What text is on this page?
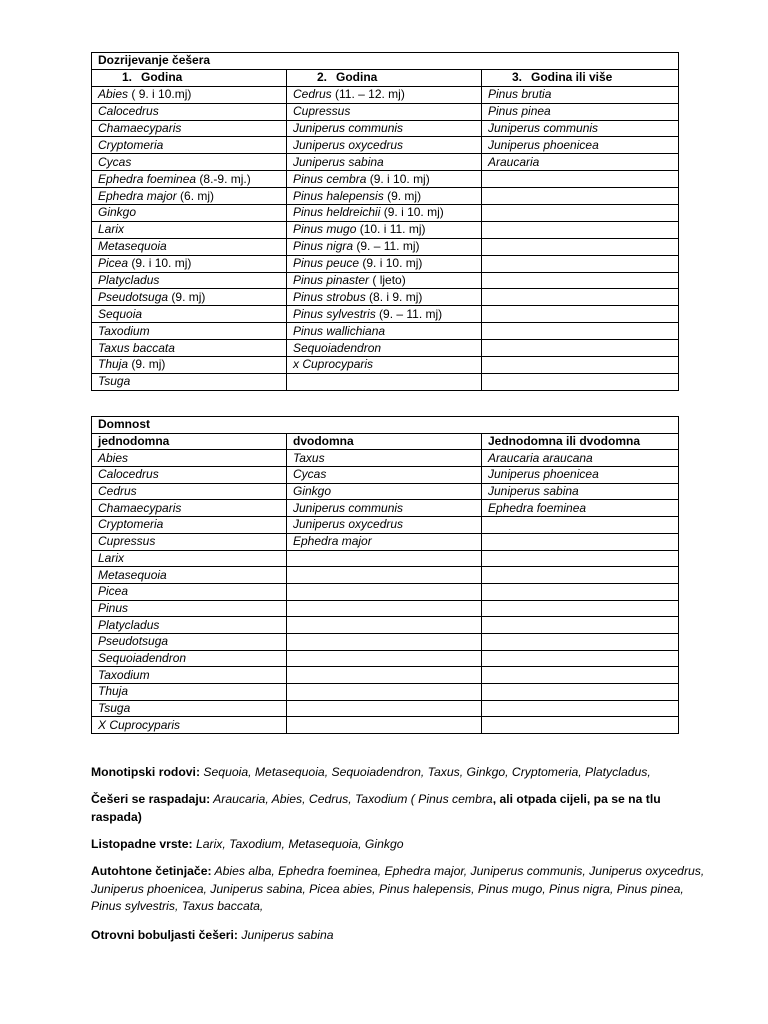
Dozrijevanje češera		
1. Godina	2. Godina	3. Godina ili više
Abies ( 9. i 10.mj)	Cedrus (11. – 12. mj)	Pinus brutia
Calocedrus	Cupressus	Pinus pinea
Chamaecyparis	Juniperus communis	Juniperus communis
Cryptomeria	Juniperus oxycedrus	Juniperus phoenicea
Cycas	Juniperus sabina	Araucaria
Ephedra foeminea (8.-9. mj.)	Pinus cembra (9. i 10. mj)	
Ephedra major (6. mj)	Pinus halepensis (9. mj)	
Ginkgo	Pinus heldreichii (9. i 10. mj)	
Larix	Pinus mugo (10. i 11. mj)	
Metasequoia	Pinus nigra (9. – 11. mj)	
Picea (9. i 10. mj)	Pinus peuce (9. i 10. mj)	
Platycladus	Pinus pinaster ( ljeto)	
Pseudotsuga (9. mj)	Pinus strobus (8. i 9. mj)	
Sequoia	Pinus sylvestris (9. – 11. mj)	
Taxodium	Pinus wallichiana	
Taxus baccata	Sequoiadendron	
Thuja (9. mj)	x Cuprocyparis	
Tsuga		
Domnost		
jednodomna	dvodomna	Jednodomna ili dvodomna
Abies	Taxus	Araucaria araucana
Calocedrus	Cycas	Juniperus phoenicea
Cedrus	Ginkgo	Juniperus sabina
Chamaecyparis	Juniperus communis	Ephedra foeminea
Cryptomeria	Juniperus oxycedrus	
Cupressus	Ephedra major	
Larix		
Metasequoia		
Picea		
Pinus		
Platycladus		
Pseudotsuga		
Sequoiadendron		
Taxodium		
Thuja		
Tsuga		
X Cuprocyparis		

Monotipski rodovi: Sequoia, Metasequoia, Sequoiadendron, Taxus, Ginkgo, Cryptomeria, Platycladus,

Češeri se raspadaju: Araucaria, Abies, Cedrus, Taxodium ( Pinus cembra, ali otpada cijeli, pa se na tlu raspada)

Listopadne vrste: Larix, Taxodium, Metasequoia, Ginkgo

Autohtone četinjače: Abies alba, Ephedra foeminea, Ephedra major, Juniperus communis, Juniperus oxycedrus, Juniperus phoenicea, Juniperus sabina, Picea abies, Pinus halepensis, Pinus mugo, Pinus nigra, Pinus pinea, Pinus sylvestris, Taxus baccata,

Otrovni bobuljasti češeri: Juniperus sabina
